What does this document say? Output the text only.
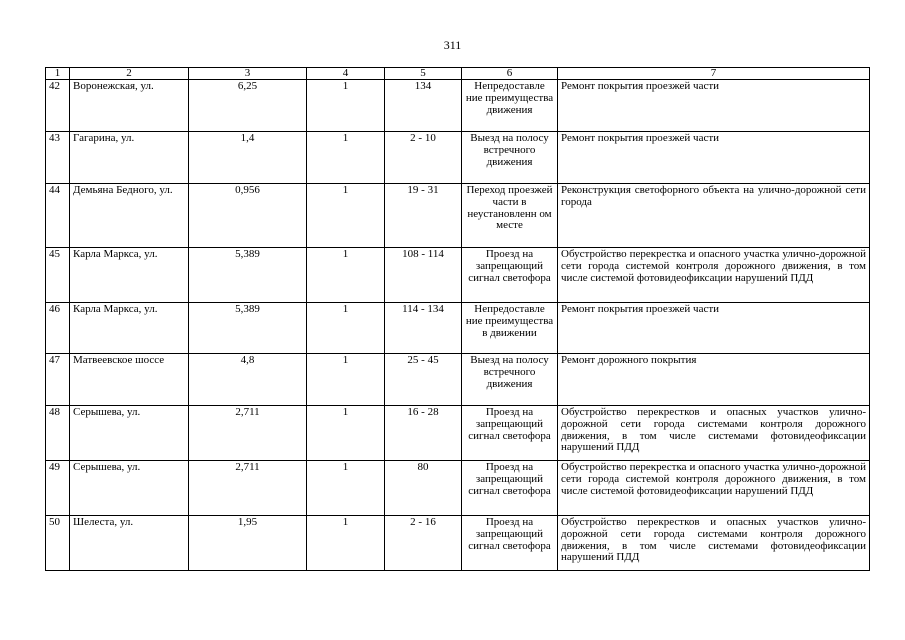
311
1	2	3	4	5	6	7
42	Воронежская, ул.	6,25	1	134	Непредоставле ние преимущества движения	Ремонт покрытия проезжей части
43	Гагарина, ул.	1,4	1	2 - 10	Выезд на полосу встречного движения	Ремонт покрытия проезжей части
44	Демьяна Бедного, ул.	0,956	1	19 - 31	Переход проезжей части в неустановленн ом месте	Реконструкция светофорного объекта на улично-дорожной сети города
45	Карла Маркса, ул.	5,389	1	108 - 114	Проезд на запрещающий сигнал светофора	Обустройство перекрестка и опасного участка улично-дорожной сети города системой контроля дорожного движения, в том числе системой фотовидеофиксации нарушений ПДД
46	Карла Маркса, ул.	5,389	1	114 - 134	Непредоставле ние преимущества в движении	Ремонт покрытия проезжей части
47	Матвеевское шоссе	4,8	1	25 - 45	Выезд на полосу встречного движения	Ремонт дорожного покрытия
48	Серышева, ул.	2,711	1	16 - 28	Проезд на запрещающий сигнал светофора	Обустройство перекрестков и опасных участков улично-дорожной сети города системами контроля дорожного движения, в том числе системами фотовидеофиксации нарушений ПДД
49	Серышева, ул.	2,711	1	80	Проезд на запрещающий сигнал светофора	Обустройство перекрестка и опасного участка улично-дорожной сети города системой контроля дорожного движения, в том числе системой фотовидеофиксации нарушений ПДД
50	Шелеста, ул.	1,95	1	2 - 16	Проезд на запрещающий сигнал светофора	Обустройство перекрестков и опасных участков улично-дорожной сети города системами контроля дорожного движения, в том числе системами фотовидеофиксации нарушений ПДД
